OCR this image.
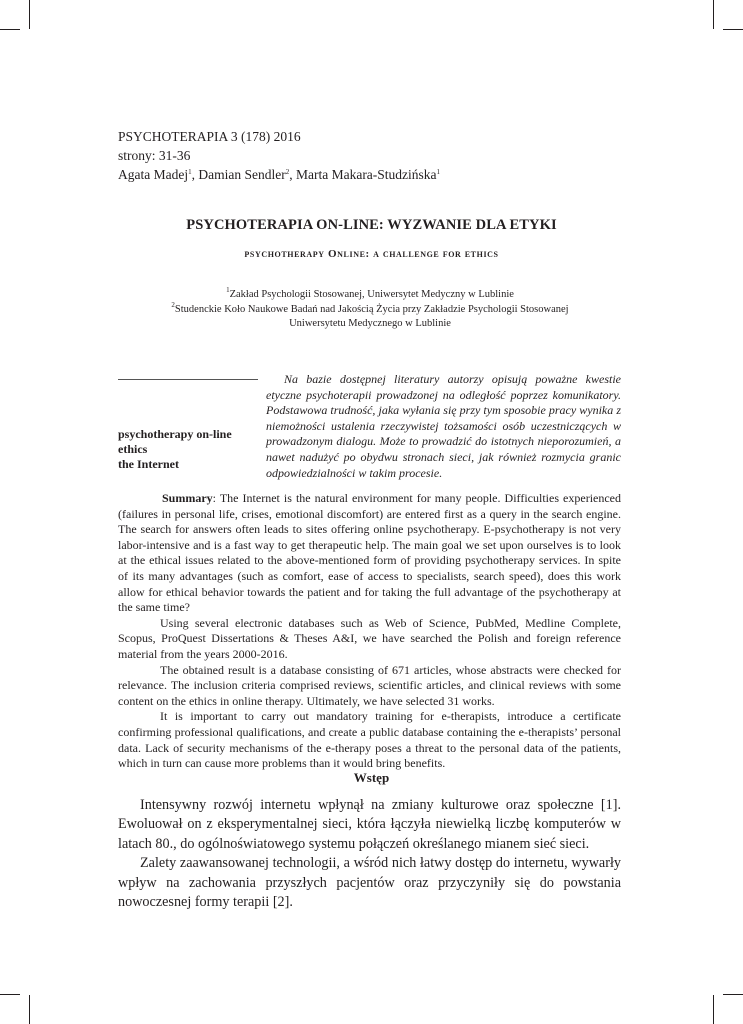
PSYCHOTERAPIA 3 (178) 2016
strony: 31-36
Agata Madej$^1$, Damian Sendler$^2$, Marta Makara-Studzińska$^1$
PSYCHOTERAPIA ON-LINE: WYZWANIE DLA ETYKI
psychotherapy Online: a challenge for ethics
$^1$Zakład Psychologii Stosowanej, Uniwersytet Medyczny w Lublinie
$^2$Studenckie Koło Naukowe Badań nad Jakością Życia przy Zakładzie Psychologii Stosowanej Uniwersytetu Medycznego w Lublinie
psychotherapy on-line
ethics
the Internet
Na bazie dostępnej literatury autorzy opisują poważne kwestie etyczne psychoterapii prowadzonej na odległość poprzez komunikatory. Podstawowa trudność, jaka wyłania się przy tym sposobie pracy wynika z niemożności ustalenia rzeczywistej tożsamości osób uczestniczących w prowadzonym dialogu. Może to prowadzić do istotnych nieporozumień, a nawet nadużyć po obydwu stronach sieci, jak również rozmycia granic odpowiedzialności w takim procesie.

Summary: The Internet is the natural environment for many people. Difficulties experienced (failures in personal life, crises, emotional discomfort) are entered first as a query in the search engine. The search for answers often leads to sites offering online psychotherapy. E-psychotherapy is not very labor-intensive and is a fast way to get therapeutic help. The main goal we set upon ourselves is to look at the ethical issues related to the above-mentioned form of providing psychotherapy services. In spite of its many advantages (such as comfort, ease of access to specialists, search speed), does this work allow for ethical behavior towards the patient and for taking the full advantage of the psychotherapy at the same time?

Using several electronic databases such as Web of Science, PubMed, Medline Complete, Scopus, ProQuest Dissertations & Theses A&I, we have searched the Polish and foreign reference material from the years 2000-2016.

The obtained result is a database consisting of 671 articles, whose abstracts were checked for relevance. The inclusion criteria comprised reviews, scientific articles, and clinical reviews with some content on the ethics in online therapy. Ultimately, we have selected 31 works.

It is important to carry out mandatory training for e-therapists, introduce a certificate confirming professional qualifications, and create a public database containing the e-therapists’ personal data. Lack of security mechanisms of the e-therapy poses a threat to the personal data of the patients, which in turn can cause more problems than it would bring benefits.

Wstęp

Intensywny rozwój internetu wpłynął na zmiany kulturowe oraz społeczne [1]. Ewoluował on z eksperymentalnej sieci, która łączyła niewielką liczbę komputerów w latach 80., do ogólnoświatowego systemu połączeń określanego mianem sieć sieci.

Zalety zaawansowanej technologii, a wśród nich łatwy dostęp do internetu, wywarły wpływ na zachowania przyszłych pacjentów oraz przyczyniły się do powstania nowoczesnej formy terapii [2].
